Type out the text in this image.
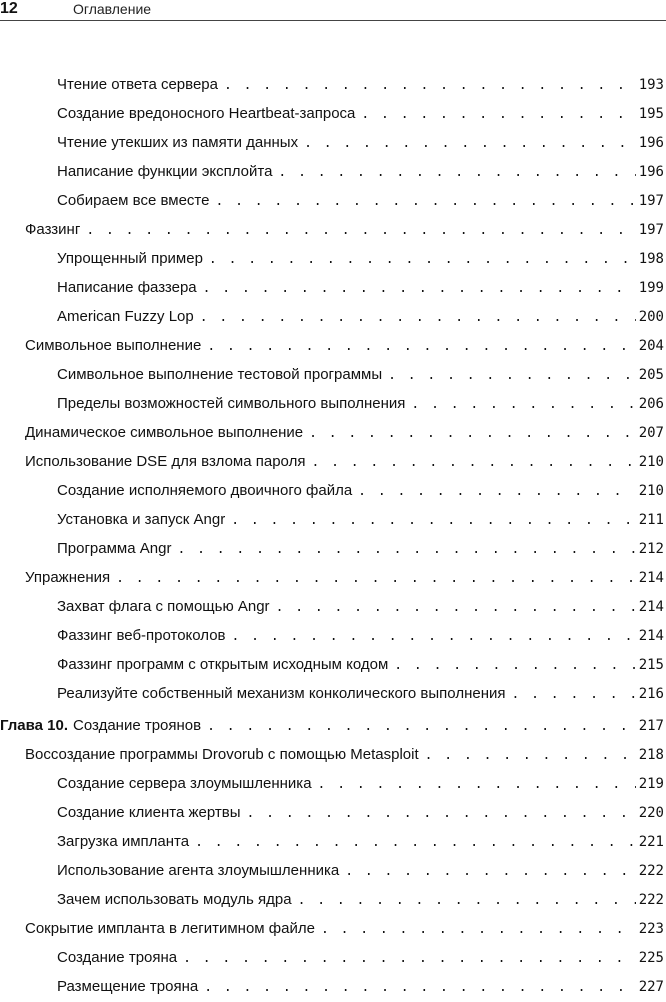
12	Оглавление
Чтение ответа сервера . . .	193
Создание вредоносного Heartbeat-запроса . . .	195
Чтение утекших из памяти данных . . .	196
Написание функции эксплойта . . .	196
Собираем все вместе . . .	197
Фаззинг . . .	197
Упрощенный пример . . .	198
Написание фаззера . . .	199
American Fuzzy Lop . . .	200
Символьное выполнение . . .	204
Символьное выполнение тестовой программы . . .	205
Пределы возможностей символьного выполнения . . .	206
Динамическое символьное выполнение . . .	207
Использование DSE для взлома пароля . . .	210
Создание исполняемого двоичного файла . . .	210
Установка и запуск Angr . . .	211
Программа Angr . . .	212
Упражнения . . .	214
Захват флага с помощью Angr . . .	214
Фаззинг веб-протоколов . . .	214
Фаззинг программ с открытым исходным кодом . . .	215
Реализуйте собственный механизм конколического выполнения . . .	216
Глава 10. Создание троянов . . .	217
Воссоздание программы Drovorub с помощью Metasploit . . .	218
Создание сервера злоумышленника . . .	219
Создание клиента жертвы . . .	220
Загрузка импланта . . .	221
Использование агента злоумышленника . . .	222
Зачем использовать модуль ядра . . .	222
Сокрытие импланта в легитимном файле . . .	223
Создание трояна . . .	225
Размещение трояна . . .	227
